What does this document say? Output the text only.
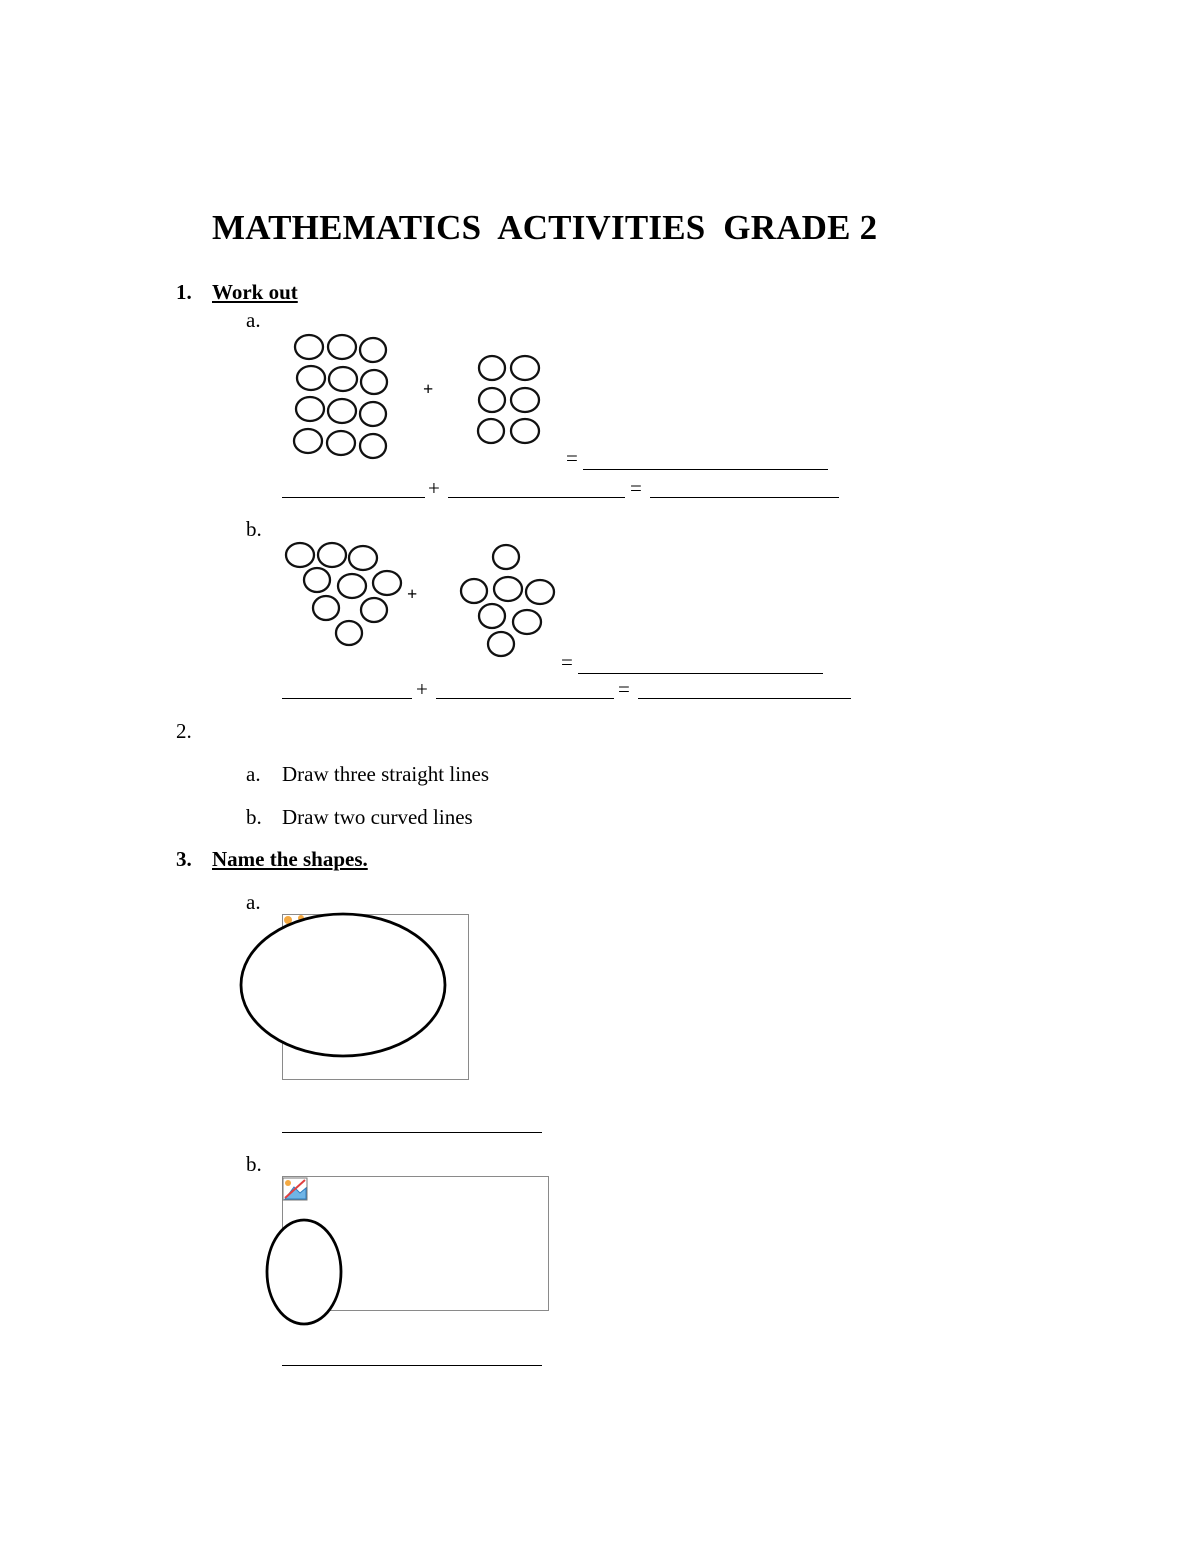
MATHEMATICS  ACTIVITIES  GRADE 2
1. Work out
a.
+
=
+	=
b.
+
=
+	=
2.
a. Draw three straight lines
b. Draw two curved lines
3. Name the shapes.
a.
b.
